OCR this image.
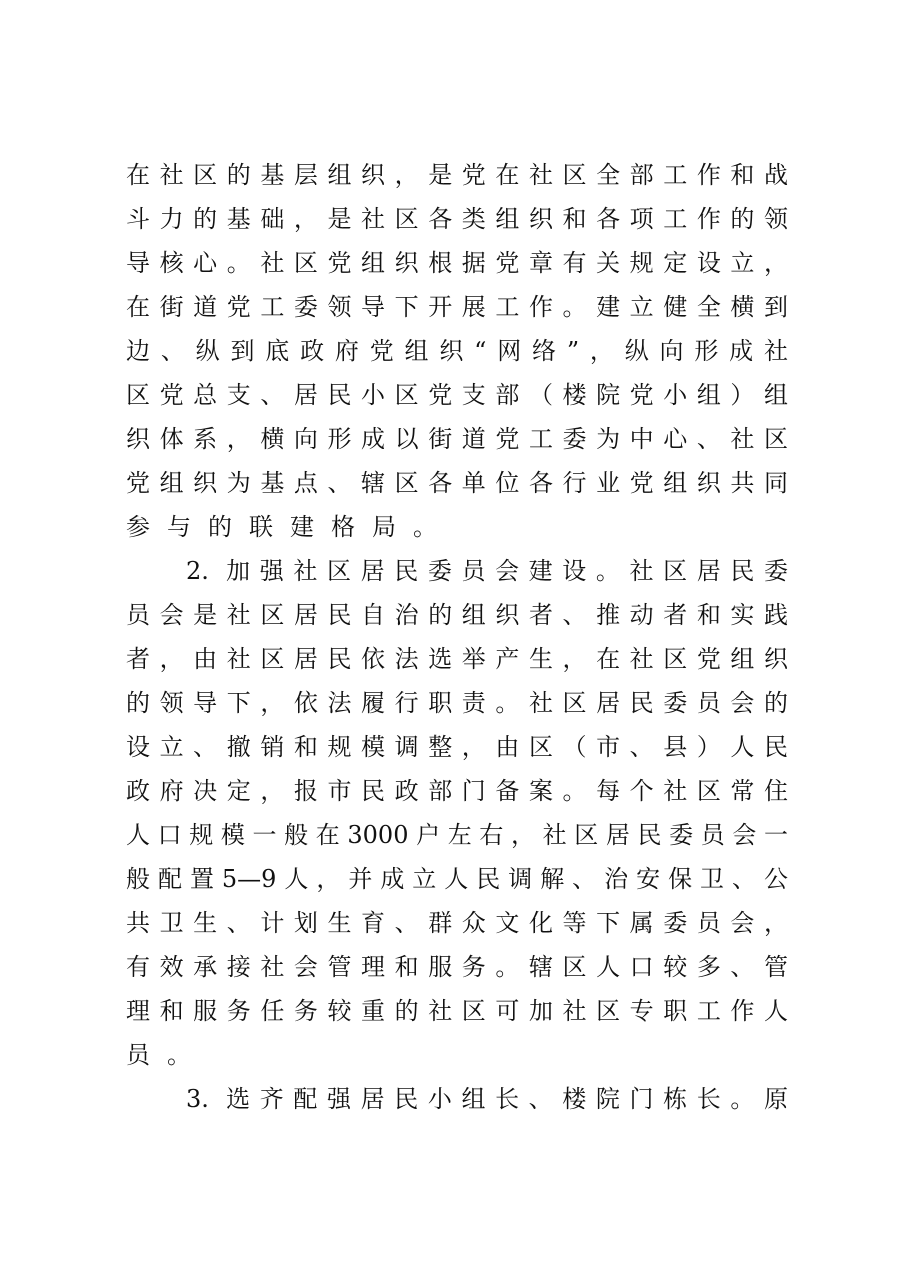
在社区的基层组织，是党在社区全部工作和战
斗力的基础，是社区各类组织和各项工作的领
导核心。社区党组织根据党章有关规定设立，
在街道党工委领导下开展工作。建立健全横到
边、纵到底政府党组织“网络”，纵向形成社
区党总支、居民小区党支部（楼院党小组）组
织体系，横向形成以街道党工委为中心、社区
党组织为基点、辖区各单位各行业党组织共同
参与的联建格局。
2. 加强社区居民委员会建设。社区居民委
员会是社区居民自治的组织者、推动者和实践
者，由社区居民依法选举产生，在社区党组织
的领导下，依法履行职责。社区居民委员会的
设立、撤销和规模调整，由区（市、县）人民
政府决定，报市民政部门备案。每个社区常住
人口规模一般在3000户左右，社区居民委员会一
般配置5—9人，并成立人民调解、治安保卫、公
共卫生、计划生育、群众文化等下属委员会，
有效承接社会管理和服务。辖区人口较多、管
理和服务任务较重的社区可加社区专职工作人
员。
3. 选齐配强居民小组长、楼院门栋长。原
